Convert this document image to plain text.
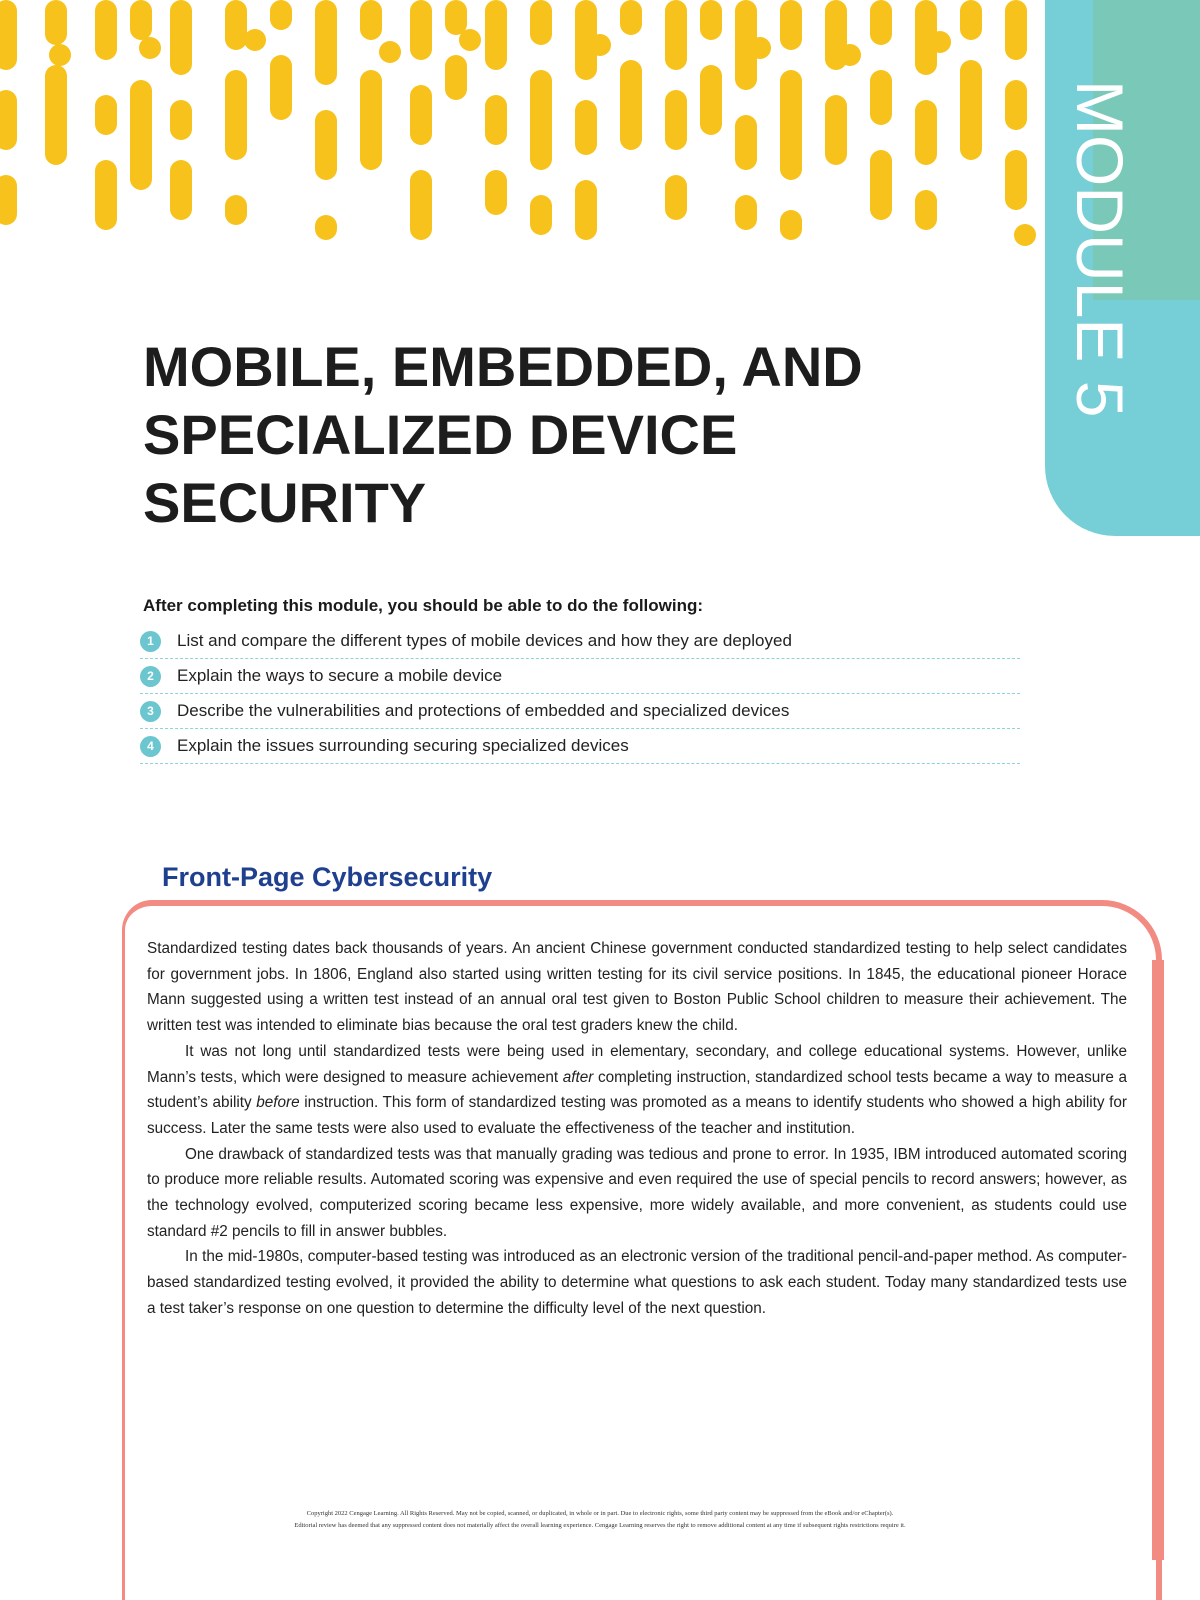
MODULE 5
MOBILE, EMBEDDED, AND SPECIALIZED DEVICE SECURITY

After completing this module, you should be able to do the following:

1	List and compare the different types of mobile devices and how they are deployed
2	Explain the ways to secure a mobile device
3	Describe the vulnerabilities and protections of embedded and specialized devices
4	Explain the issues surrounding securing specialized devices
Front-Page Cybersecurity

Standardized testing dates back thousands of years. An ancient Chinese government conducted standardized testing to help select candidates for government jobs. In 1806, England also started using written testing for its civil service positions. In 1845, the educational pioneer Horace Mann suggested using a written test instead of an annual oral test given to Boston Public School children to measure their achievement. The written test was intended to eliminate bias because the oral test graders knew the child.

It was not long until standardized tests were being used in elementary, secondary, and college educational systems. However, unlike Mann’s tests, which were designed to measure achievement after completing instruction, standardized school tests became a way to measure a student’s ability before instruction. This form of standardized testing was promoted as a means to identify students who showed a high ability for success. Later the same tests were also used to evaluate the effectiveness of the teacher and institution.

One drawback of standardized tests was that manually grading was tedious and prone to error. In 1935, IBM introduced automated scoring to produce more reliable results. Automated scoring was expensive and even required the use of special pencils to record answers; however, as the technology evolved, computerized scoring became less expensive, more widely available, and more convenient, as students could use standard #2 pencils to fill in answer bubbles.

In the mid-1980s, computer-based testing was introduced as an electronic version of the traditional pencil-and-paper method. As computer-based standardized testing evolved, it provided the ability to determine what questions to ask each student. Today many standardized tests use a test taker’s response on one question to determine the difficulty level of the next question.

Copyright 2022 Cengage Learning. All Rights Reserved. May not be copied, scanned, or duplicated, in whole or in part. Due to electronic rights, some third party content may be suppressed from the eBook and/or eChapter(s).
Editorial review has deemed that any suppressed content does not materially affect the overall learning experience. Cengage Learning reserves the right to remove additional content at any time if subsequent rights restrictions require it.
